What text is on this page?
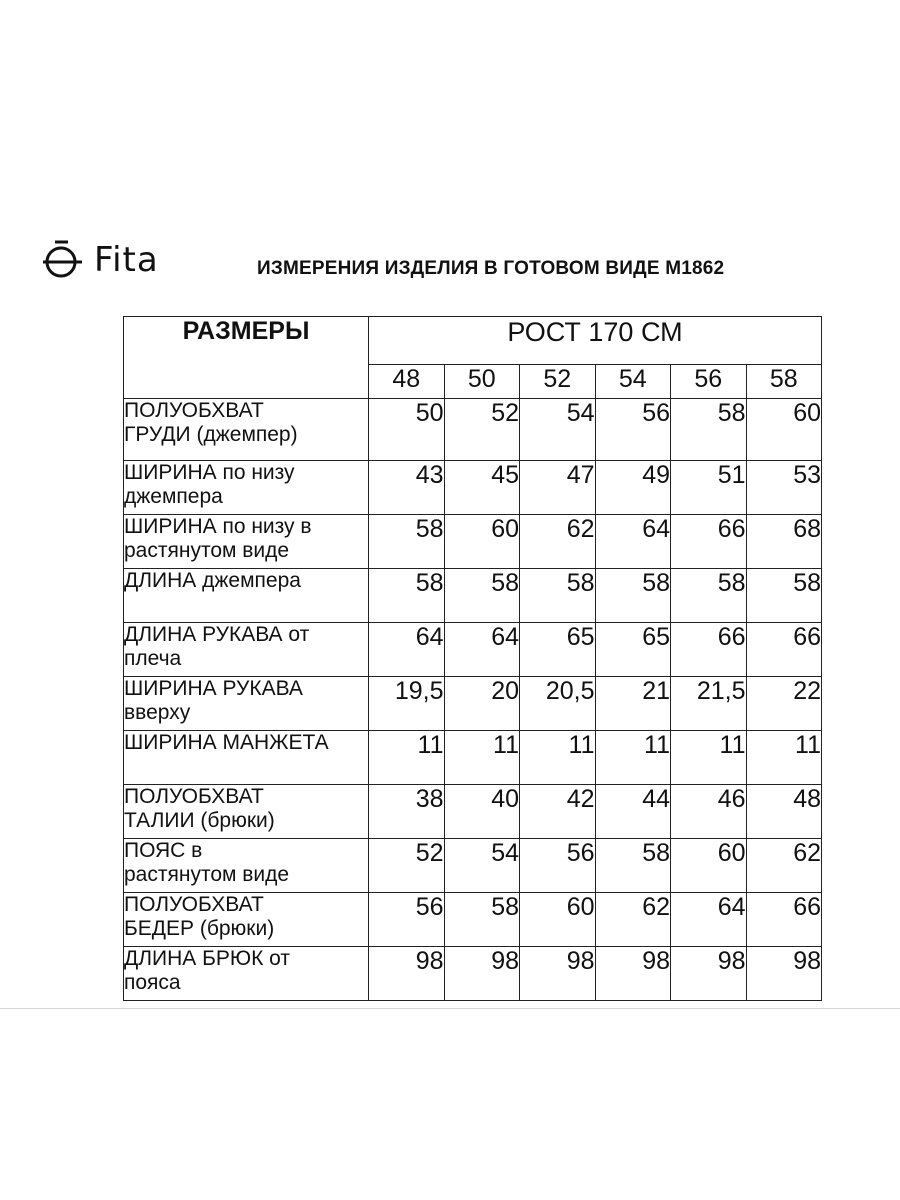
Fita	ИЗМЕРЕНИЯ ИЗДЕЛИЯ В ГОТОВОМ ВИДЕ М1862
РАЗМЕРЫ	РОСТ 170 СМ					
	48	50	52	54	56	58

ПОЛУОБХВАТ
ГРУДИ (джемпер)	50	52	54	56	58	60

ШИРИНА по низу
джемпера	43	45	47	49	51	53

ШИРИНА по низу в
растянутом виде	58	60	62	64	66	68

ДЛИНА джемпера	58	58	58	58	58	58

ДЛИНА РУКАВА от
плеча	64	64	65	65	66	66

ШИРИНА РУКАВА
вверху	19,5	20	20,5	21	21,5	22

ШИРИНА МАНЖЕТА	11	11	11	11	11	11

ПОЛУОБХВАТ
ТАЛИИ (брюки)	38	40	42	44	46	48

ПОЯС в
растянутом виде	52	54	56	58	60	62

ПОЛУОБХВАТ
БЕДЕР (брюки)	56	58	60	62	64	66

ДЛИНА БРЮК от
пояса	98	98	98	98	98	98
